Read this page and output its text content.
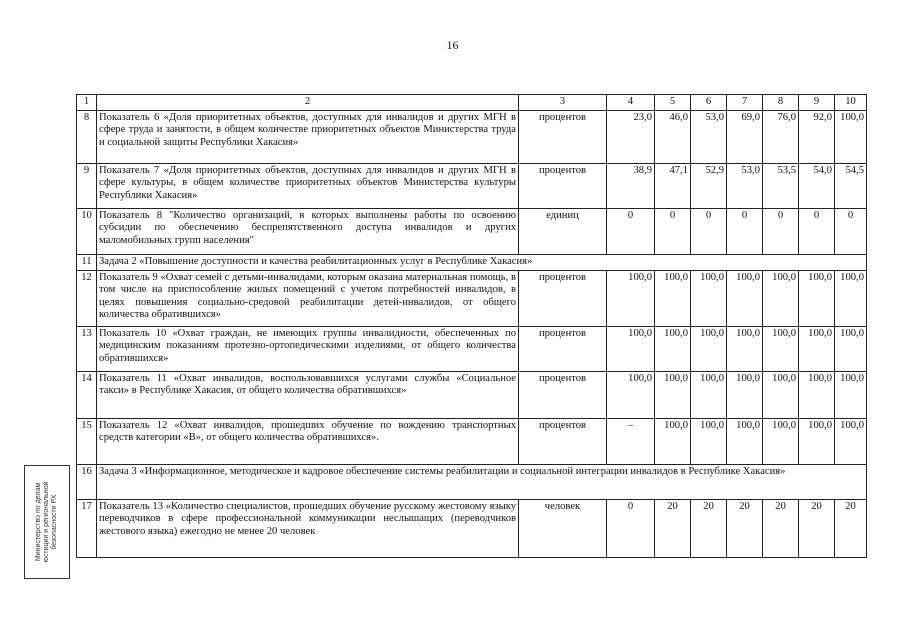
16
1	2	3	4	5	6	7	8	9	10
8	Показатель 6 «Доля приоритетных объектов, доступных для инвалидов и других МГН в сфере труда и занятости, в общем количестве приоритетных объектов Министерства труда и социальной защиты Республики Хакасия»	процентов	23,0	46,0	53,0	69,0	76,0	92,0	100,0
9	Показатель 7 «Доля приоритетных объектов, доступных для инвалидов и других МГН в сфере культуры, в общем количестве приоритетных объектов Министерства культуры Республики Хакасия»	процентов	38,9	47,1	52,9	53,0	53,5	54,0	54,5
10	Показатель 8 "Количество организаций, в которых выполнены работы по освоению субсидии по обеспечению беспрепятственного доступа инвалидов и других маломобильных групп населения"	единиц	0	0	0	0	0	0	0
11	Задача 2 «Повышение доступности и качества реабилитационных услуг в Республике Хакасия»								
12	Показатель 9 «Охват семей с детьми-инвалидами, которым оказана материальная помощь, в том числе на приспособление жилых помещений с учетом потребностей инвалидов, в целях повышения социально-средовой реабилитации детей-инвалидов, от общего количества обратившихся»	процентов	100,0	100,0	100,0	100,0	100,0	100,0	100,0
13	Показатель 10 «Охват граждан, не имеющих группы инвалидности, обеспеченных по медицинским показаниям протезно-ортопедическими изделиями, от общего количества обратившихся»	процентов	100,0	100,0	100,0	100,0	100,0	100,0	100,0
14	Показатель 11 «Охват инвалидов, воспользовавшихся услугами службы «Социальное такси» в Республике Хакасия, от общего количества обратившихся»	процентов	100,0	100,0	100,0	100,0	100,0	100,0	100,0
15	Показатель 12 «Охват инвалидов, прошедших обучение по вождению транспортных средств категории «В», от общего количества обратившихся».	процентов	–	100,0	100,0	100,0	100,0	100,0	100,0
16	Задача 3 «Информационное, методическое и кадровое обеспечение системы реабилитации и социальной интеграции инвалидов в Республике Хакасия»								
17	Показатель 13 «Количество специалистов, прошедших обучение русскому жестовому языку переводчиков в сфере профессиональной коммуникации неслышащих (переводчиков жестового языка) ежегодно не менее 20 человек	человек	0	20	20	20	20	20	20
Министерство по делам юстиции и региональной безопасности РХ
